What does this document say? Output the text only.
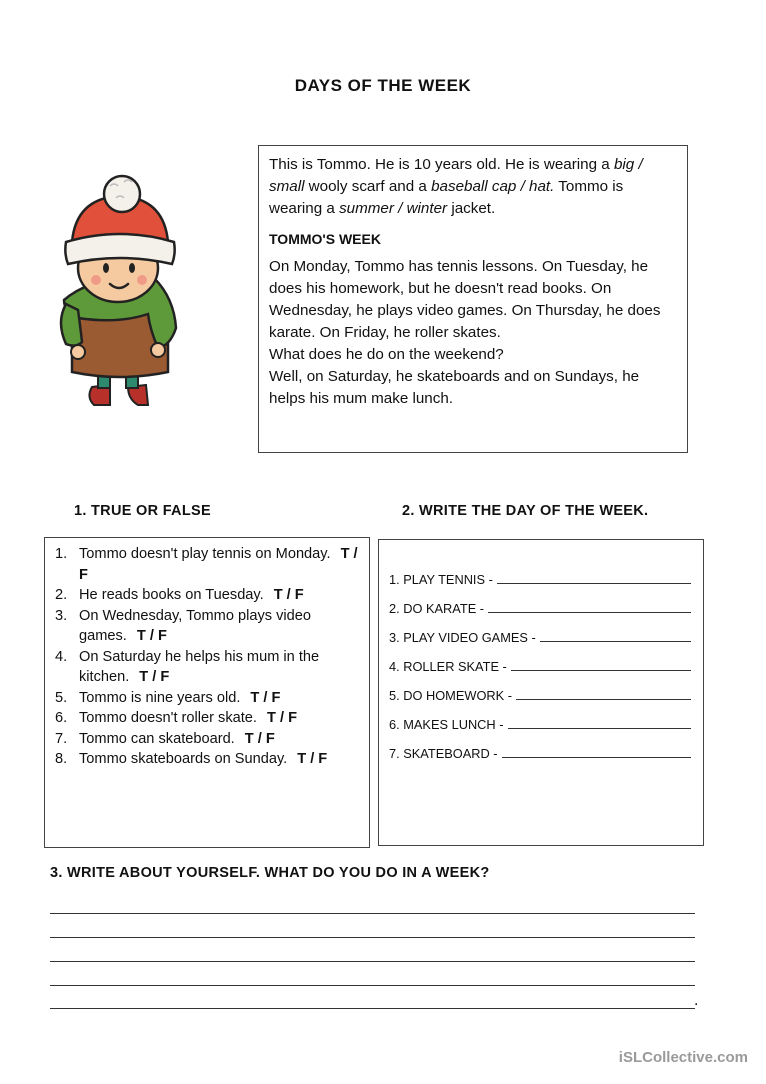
DAYS OF THE WEEK

This is Tommo. He is 10 years old. He is wearing a big / small wooly scarf and a baseball cap / hat. Tommo is wearing a summer / winter jacket.

TOMMO'S WEEK

On Monday, Tommo has tennis lessons. On Tuesday, he does his homework, but he doesn't read books. On Wednesday, he plays video games. On Thursday, he does karate. On Friday, he roller skates.

What does he do on the weekend?

Well, on Saturday, he skateboards and on Sundays, he helps his mum make lunch.

1. TRUE OR FALSE
1. Tommo doesn't play tennis on Monday. T / F
2. He reads books on Tuesday. T / F
3. On Wednesday, Tommo plays video games. T / F
4. On Saturday he helps his mum in the kitchen. T / F
5. Tommo is nine years old. T / F
6. Tommo doesn't roller skate. T / F
7. Tommo can skateboard. T / F
8. Tommo skateboards on Sunday. T / F
2. WRITE THE DAY OF THE WEEK.
1. PLAY TENNIS -
2. DO KARATE -
3. PLAY VIDEO GAMES -
4. ROLLER SKATE -
5. DO HOMEWORK -
6. MAKES LUNCH -
7. SKATEBOARD -
3. WRITE ABOUT YOURSELF. WHAT DO YOU DO IN A WEEK?
.
iSLCollective.com
